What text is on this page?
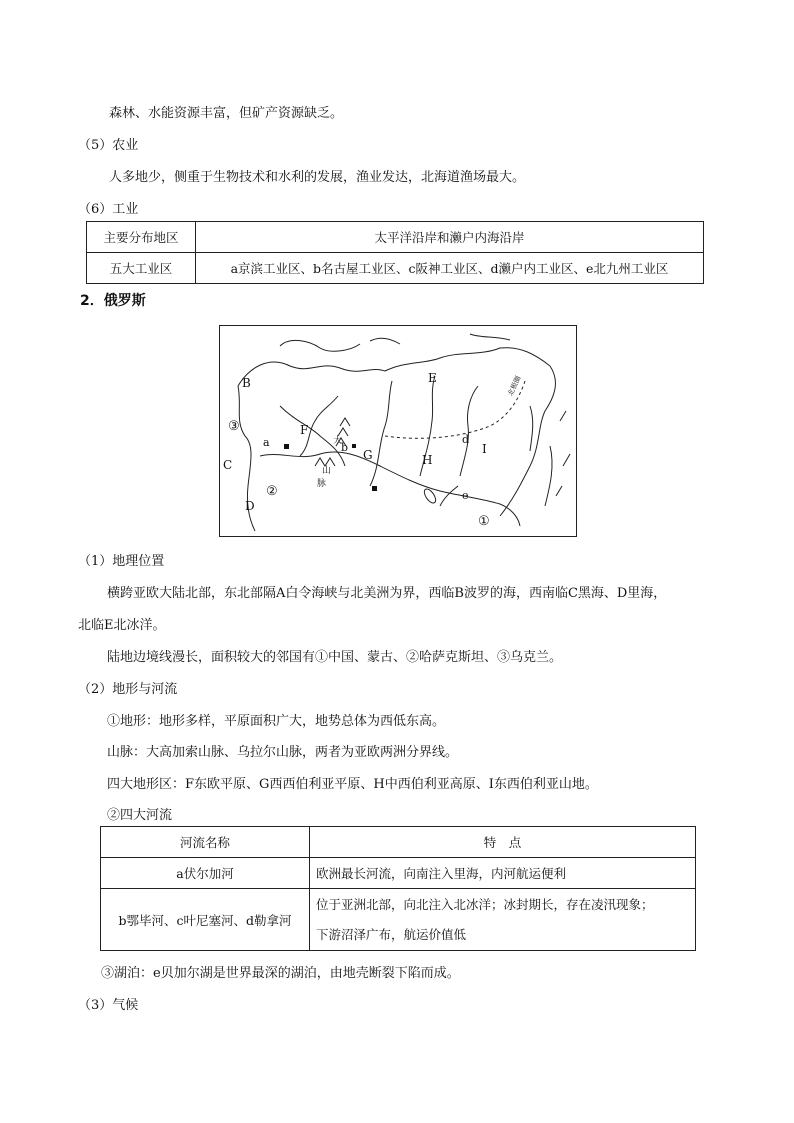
森林、水能资源丰富，但矿产资源缺乏。
（5）农业
人多地少，侧重于生物技术和水利的发展，渔业发达，北海道渔场最大。
（6）工业
主要分布地区	太平洋沿岸和濑户内海沿岸
五大工业区	a京滨工业区、b名古屋工业区、c阪神工业区、d濑户内工业区、e北九州工业区
2．俄罗斯
B	E
F
G	H
I
C
D
a	b
d
e
①
②
③
大
山
脉
北极圈
（1）地理位置
横跨亚欧大陆北部，东北部隔A白令海峡与北美洲为界，西临B波罗的海，西南临C黑海、D里海，
北临E北冰洋。
陆地边境线漫长，面积较大的邻国有①中国、蒙古、②哈萨克斯坦、③乌克兰。
（2）地形与河流
①地形：地形多样，平原面积广大，地势总体为西低东高。
山脉：大高加索山脉、乌拉尔山脉，两者为亚欧两洲分界线。
四大地形区：F东欧平原、G西西伯利亚平原、H中西伯利亚高原、I东西伯利亚山地。
②四大河流
河流名称	特　点
a伏尔加河	欧洲最长河流，向南注入里海，内河航运便利
b鄂毕河、c叶尼塞河、d勒拿河	位于亚洲北部，向北注入北冰洋；冰封期长，存在凌汛现象；
下游沼泽广布，航运价值低
③湖泊：e贝加尔湖是世界最深的湖泊，由地壳断裂下陷而成。
（3）气候
